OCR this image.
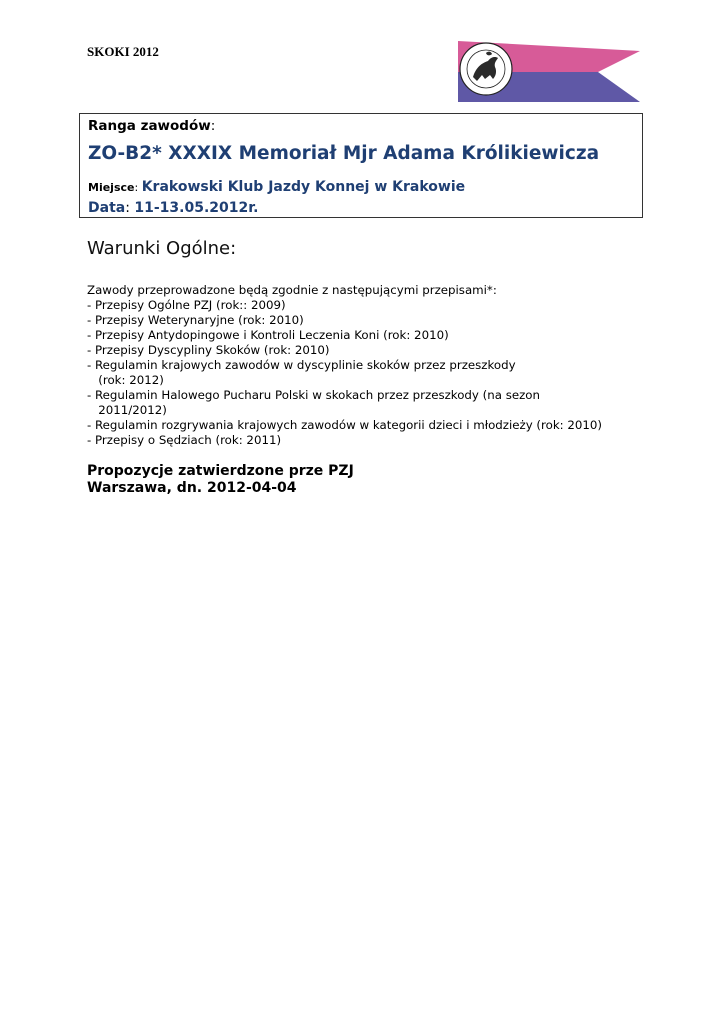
SKOKI 2012
Ranga zawodów:
ZO-B2* XXXIX Memoriał Mjr Adama Królikiewicza
Miejsce: Krakowski Klub Jazdy Konnej w Krakowie
Data: 11-13.05.2012r.
Warunki Ogólne:
Zawody przeprowadzone będą zgodnie z następującymi przepisami*:
- Przepisy Ogólne PZJ (rok:: 2009)
- Przepisy Weterynaryjne (rok: 2010)
- Przepisy Antydopingowe i Kontroli Leczenia Koni (rok: 2010)
- Przepisy Dyscypliny Skoków (rok: 2010)
- Regulamin krajowych zawodów w dyscyplinie skoków przez przeszkody
(rok: 2012)
- Regulamin Halowego Pucharu Polski w skokach przez przeszkody (na sezon
2011/2012)
- Regulamin rozgrywania krajowych zawodów w kategorii dzieci i młodzieży (rok: 2010)
- Przepisy o Sędziach (rok: 2011)
Propozycje zatwierdzone prze PZJ
Warszawa, dn. 2012-04-04
